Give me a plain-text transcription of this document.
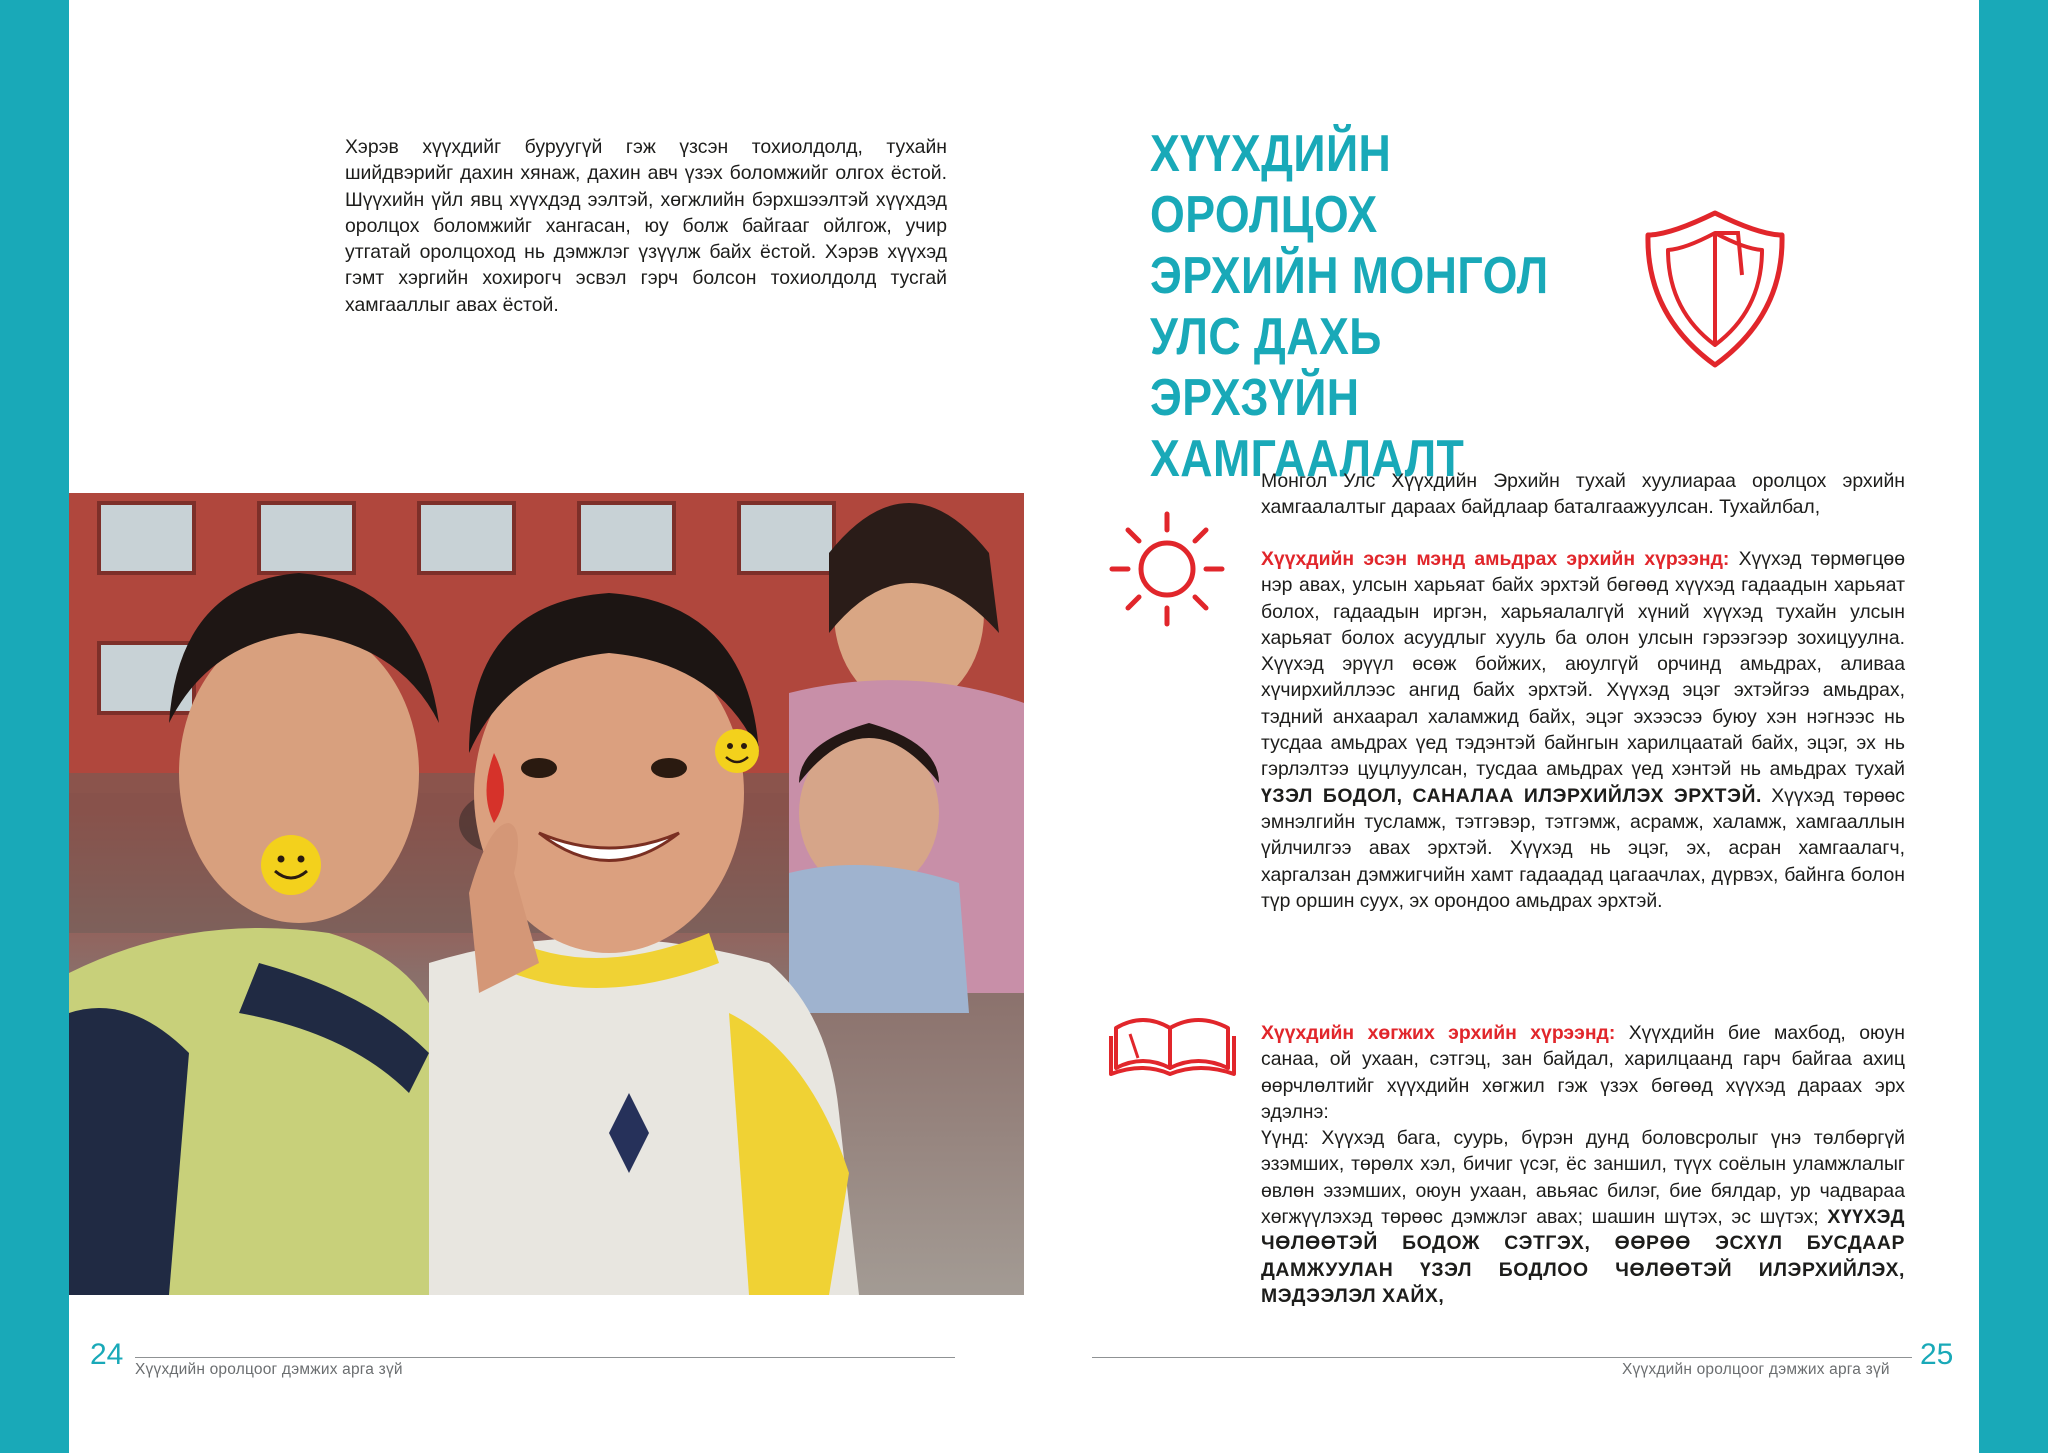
Хэрэв хүүхдийг буруугүй гэж үзсэн тохиолдолд, тухайн шийдвэрийг дахин хянаж, дахин авч үзэх боломжийг олгох ёстой. Шүүхийн үйл явц хүүхдэд ээлтэй, хөгжлийн бэрхшээлтэй хүүхдэд оролцох боломжийг хангасан, юу болж байгааг ойлгож, учир утгатай оролцоход нь дэмжлэг үзүүлж байх ёстой. Хэрэв хүүхэд гэмт хэргийн хохирогч эсвэл гэрч болсон тохиолдолд тусгай хамгааллыг авах ёстой.

24 Хүүхдийн оролцоог дэмжих арга зүй

ХҮҮХДИЙН ОРОЛЦОХ
ЭРХИЙН МОНГОЛ
УЛС ДАХЬ ЭРХЗҮЙН
ХАМГААЛАЛТ

Монгол Улс Хүүхдийн Эрхийн тухай хуулиараа оролцох эрхийн хамгаалалтыг дараах байдлаар баталгаажуулсан. Тухайлбал,

Хүүхдийн эсэн мэнд амьдрах эрхийн хүрээнд: Хүүхэд төрмөгцөө нэр авах, улсын харьяат байх эрхтэй бөгөөд хүүхэд гадаадын харьяат болох, гадаадын иргэн, харьяалалгүй хүний хүүхэд тухайн улсын харьяат болох асуудлыг хууль ба олон улсын гэрээгээр зохицуулна. Хүүхэд эрүүл өсөж бойжих, аюулгүй орчинд амьдрах, аливаа хүчирхийллээс ангид байх эрхтэй. Хүүхэд эцэг эхтэйгээ амьдрах, тэдний анхаарал халамжид байх, эцэг эхээсээ буюу хэн нэгнээс нь тусдаа амьдрах үед тэдэнтэй байнгын харилцаатай байх, эцэг, эх нь гэрлэлтээ цуцлуулсан, тусдаа амьдрах үед хэнтэй нь амьдрах тухай ҮЗЭЛ БОДОЛ, САНАЛАА ИЛЭРХИЙЛЭХ ЭРХТЭЙ. Хүүхэд төрөөс эмнэлгийн тусламж, тэтгэвэр, тэтгэмж, асрамж, халамж, хамгааллын үйлчилгээ авах эрхтэй. Хүүхэд нь эцэг, эх, асран хамгаалагч, харгалзан дэмжигчийн хамт гадаадад цагаачлах, дүрвэх, байнга болон түр оршин суух, эх орондоо амьдрах эрхтэй.

Хүүхдийн хөгжих эрхийн хүрээнд: Хүүхдийн бие махбод, оюун санаа, ой ухаан, сэтгэц, зан байдал, харилцаанд гарч байгаа ахиц өөрчлөлтийг хүүхдийн хөгжил гэж үзэх бөгөөд хүүхэд дараах эрх эдэлнэ:
Үүнд: Хүүхэд бага, суурь, бүрэн дунд боловсролыг үнэ төлбөргүй эзэмших, төрөлх хэл, бичиг үсэг, ёс заншил, түүх соёлын уламжлалыг өвлөн эзэмших, оюун ухаан, авьяас билэг, бие бялдар, ур чадвараа хөгжүүлэхэд төрөөс дэмжлэг авах; шашин шүтэх, эс шүтэх; ХҮҮХЭД ЧӨЛӨӨТЭЙ БОДОЖ СЭТГЭХ, ӨӨРӨӨ ЭСХҮЛ БУСДААР ДАМЖУУЛАН ҮЗЭЛ БОДЛОО ЧӨЛӨӨТЭЙ ИЛЭРХИЙЛЭХ, МЭДЭЭЛЭЛ ХАЙХ,

Хүүхдийн оролцоог дэмжих арга зүй 25
